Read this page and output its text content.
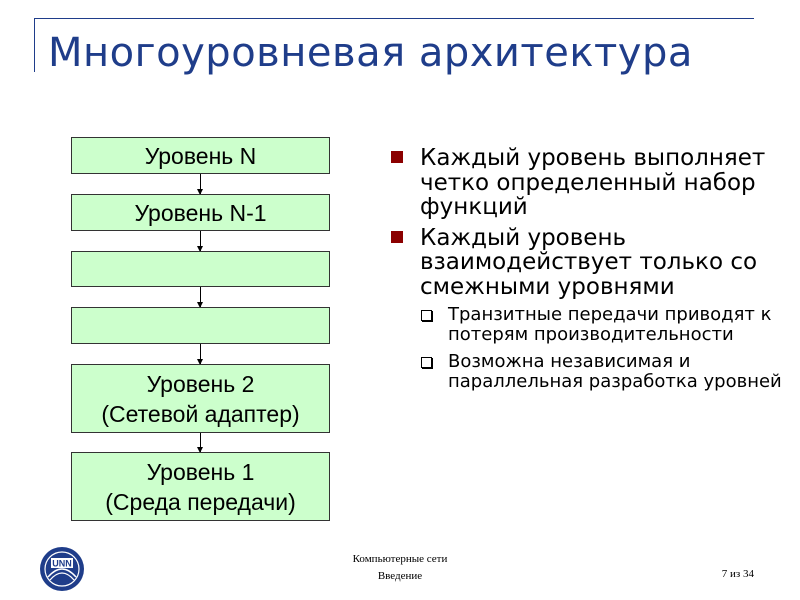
Многоуровневая архитектура
Уровень N
Уровень N-1
Уровень 2
(Сетевой адаптер)
Уровень 1
(Среда передачи)
Каждый уровень выполняет четко определенный набор функций
Каждый уровень взаимодействует только со смежными уровнями
Транзитные передачи приводят к потерям производительности
Возможна независимая и параллельная разработка уровней
UNN	Компьютерные сети
Введение	7 из 34
